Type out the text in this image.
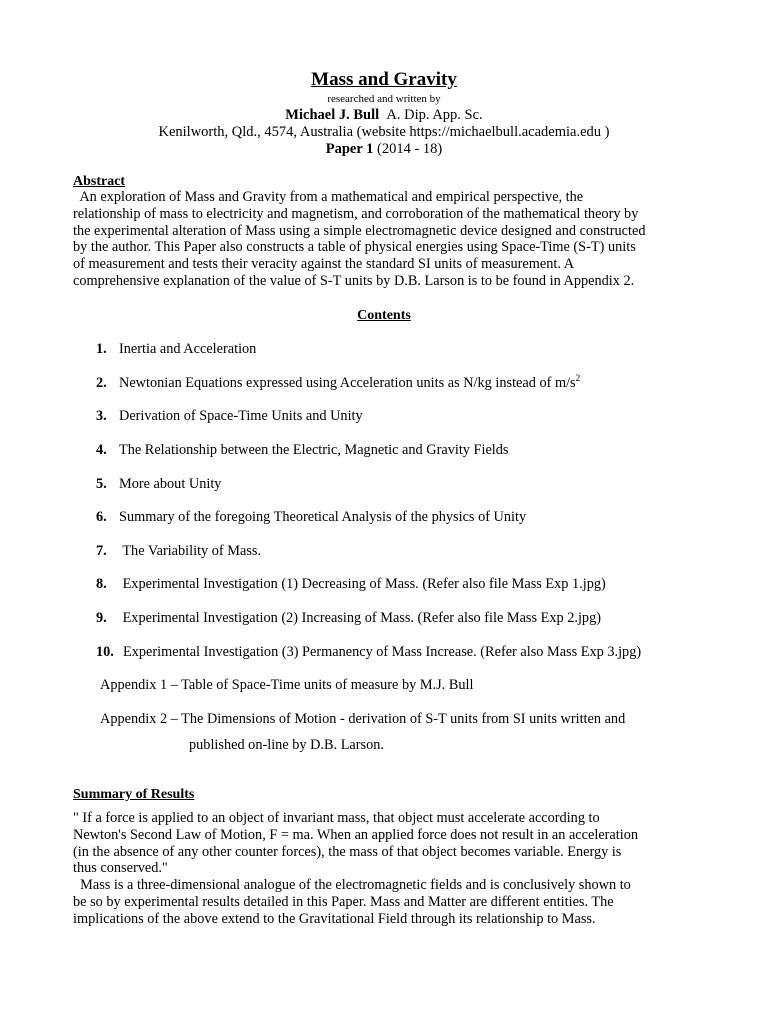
Mass and Gravity
researched and written by
Michael J. Bull A. Dip. App. Sc.
Kenilworth, Qld., 4574, Australia (website https://michaelbull.academia.edu )
Paper 1 (2014 - 18)
Abstract
An exploration of Mass and Gravity from a mathematical and empirical perspective, the
relationship of mass to electricity and magnetism, and corroboration of the mathematical theory by
the experimental alteration of Mass using a simple electromagnetic device designed and constructed
by the author. This Paper also constructs a table of physical energies using Space-Time (S-T) units
of measurement and tests their veracity against the standard SI units of measurement. A
comprehensive explanation of the value of S-T units by D.B. Larson is to be found in Appendix 2.
Contents
1. Inertia and Acceleration
2. Newtonian Equations expressed using Acceleration units as N/kg instead of $m/s^2$
3. Derivation of Space-Time Units and Unity
4. The Relationship between the Electric, Magnetic and Gravity Fields
5. More about Unity
6. Summary of the foregoing Theoretical Analysis of the physics of Unity
7. The Variability of Mass.
8. Experimental Investigation (1) Decreasing of Mass. (Refer also file Mass Exp 1.jpg)
9. Experimental Investigation (2) Increasing of Mass. (Refer also file Mass Exp 2.jpg)
10. Experimental Investigation (3) Permanency of Mass Increase. (Refer also Mass Exp 3.jpg)
Appendix 1 – Table of Space-Time units of measure by M.J. Bull
Appendix 2 – The Dimensions of Motion - derivation of S-T units from SI units written and
published on-line by D.B. Larson.
Summary of Results
" If a force is applied to an object of invariant mass, that object must accelerate according to
Newton's Second Law of Motion, F = ma. When an applied force does not result in an acceleration
(in the absence of any other counter forces), the mass of that object becomes variable. Energy is
thus conserved."
Mass is a three-dimensional analogue of the electromagnetic fields and is conclusively shown to
be so by experimental results detailed in this Paper. Mass and Matter are different entities. The
implications of the above extend to the Gravitational Field through its relationship to Mass.
